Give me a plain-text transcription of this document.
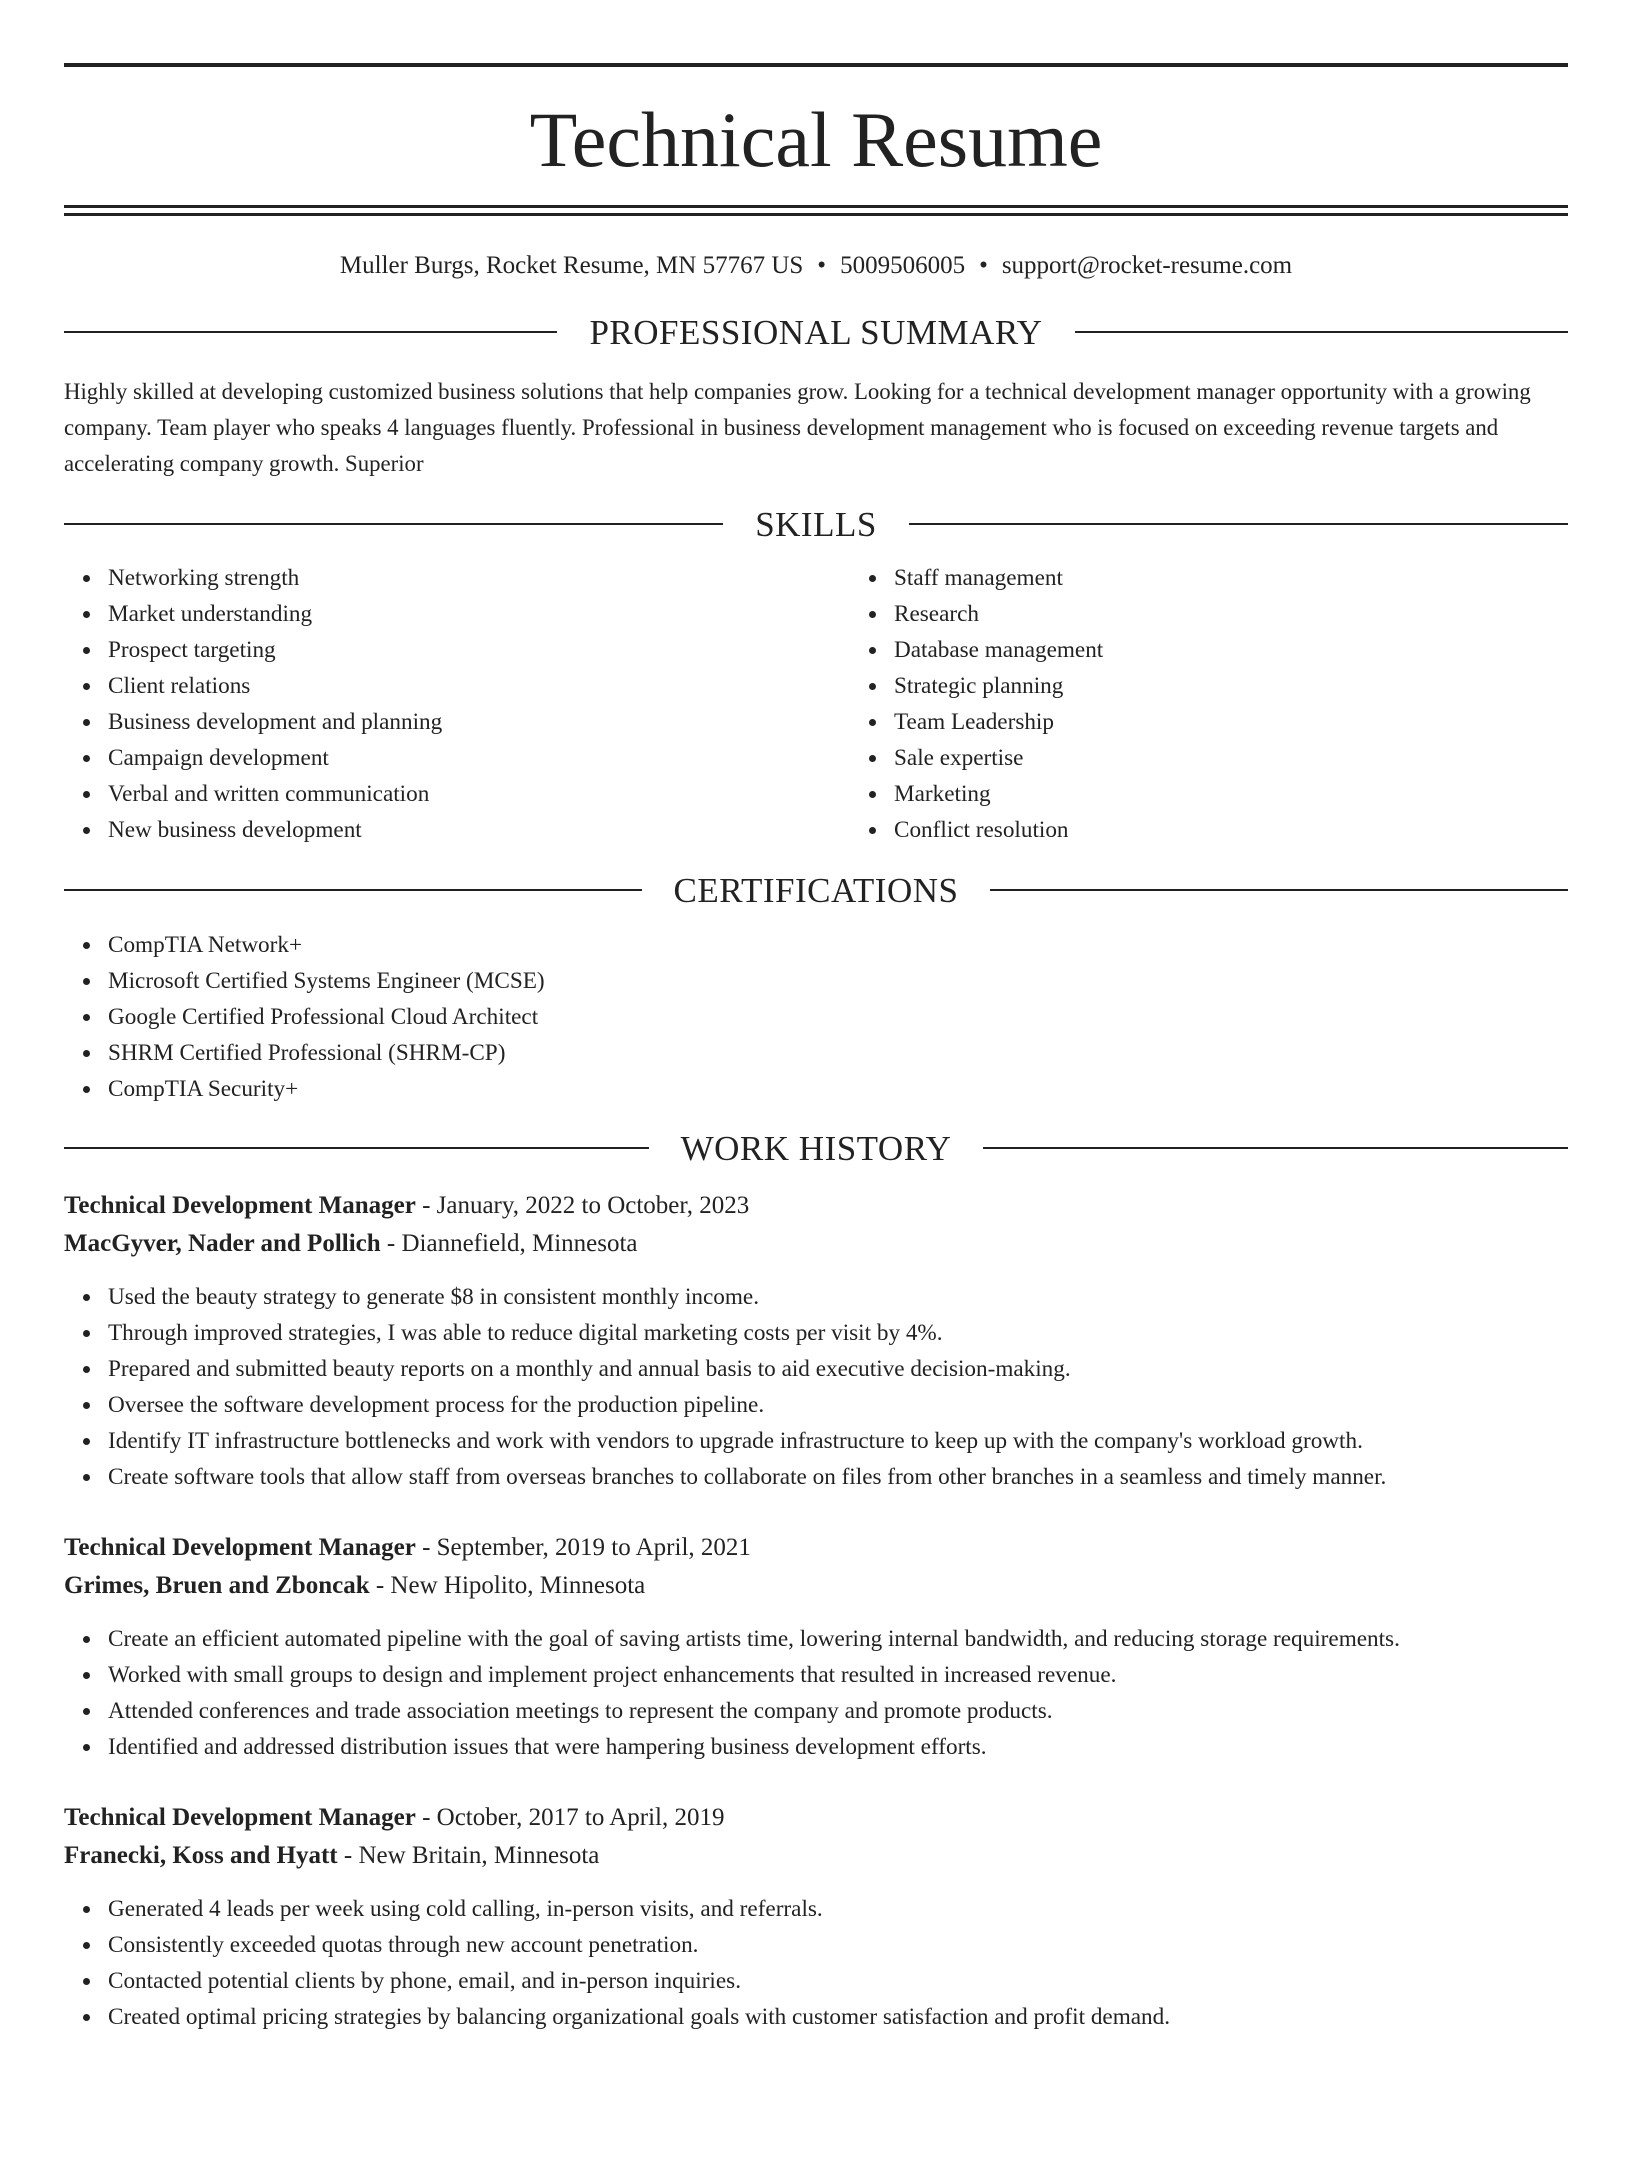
Technical Resume
Muller Burgs, Rocket Resume, MN 57767 US • 5009506005 • support@rocket-resume.com
PROFESSIONAL SUMMARY

Highly skilled at developing customized business solutions that help companies grow. Looking for a technical development manager opportunity with a growing company. Team player who speaks 4 languages fluently. Professional in business development management who is focused on exceeding revenue targets and accelerating company growth. Superior

SKILLS
Networking strength
Market understanding
Prospect targeting
Client relations
Business development and planning
Campaign development
Verbal and written communication
New business development
Staff management
Research
Database management
Strategic planning
Team Leadership
Sale expertise
Marketing
Conflict resolution
CERTIFICATIONS
CompTIA Network+
Microsoft Certified Systems Engineer (MCSE)
Google Certified Professional Cloud Architect
SHRM Certified Professional (SHRM-CP)
CompTIA Security+
WORK HISTORY
Technical Development Manager - January, 2022 to October, 2023
MacGyver, Nader and Pollich - Diannefield, Minnesota
Used the beauty strategy to generate $8 in consistent monthly income.
Through improved strategies, I was able to reduce digital marketing costs per visit by 4%.
Prepared and submitted beauty reports on a monthly and annual basis to aid executive decision-making.
Oversee the software development process for the production pipeline.
Identify IT infrastructure bottlenecks and work with vendors to upgrade infrastructure to keep up with the company's workload growth.
Create software tools that allow staff from overseas branches to collaborate on files from other branches in a seamless and timely manner.
Technical Development Manager - September, 2019 to April, 2021
Grimes, Bruen and Zboncak - New Hipolito, Minnesota
Create an efficient automated pipeline with the goal of saving artists time, lowering internal bandwidth, and reducing storage requirements.
Worked with small groups to design and implement project enhancements that resulted in increased revenue.
Attended conferences and trade association meetings to represent the company and promote products.
Identified and addressed distribution issues that were hampering business development efforts.
Technical Development Manager - October, 2017 to April, 2019
Franecki, Koss and Hyatt - New Britain, Minnesota
Generated 4 leads per week using cold calling, in-person visits, and referrals.
Consistently exceeded quotas through new account penetration.
Contacted potential clients by phone, email, and in-person inquiries.
Created optimal pricing strategies by balancing organizational goals with customer satisfaction and profit demand.
